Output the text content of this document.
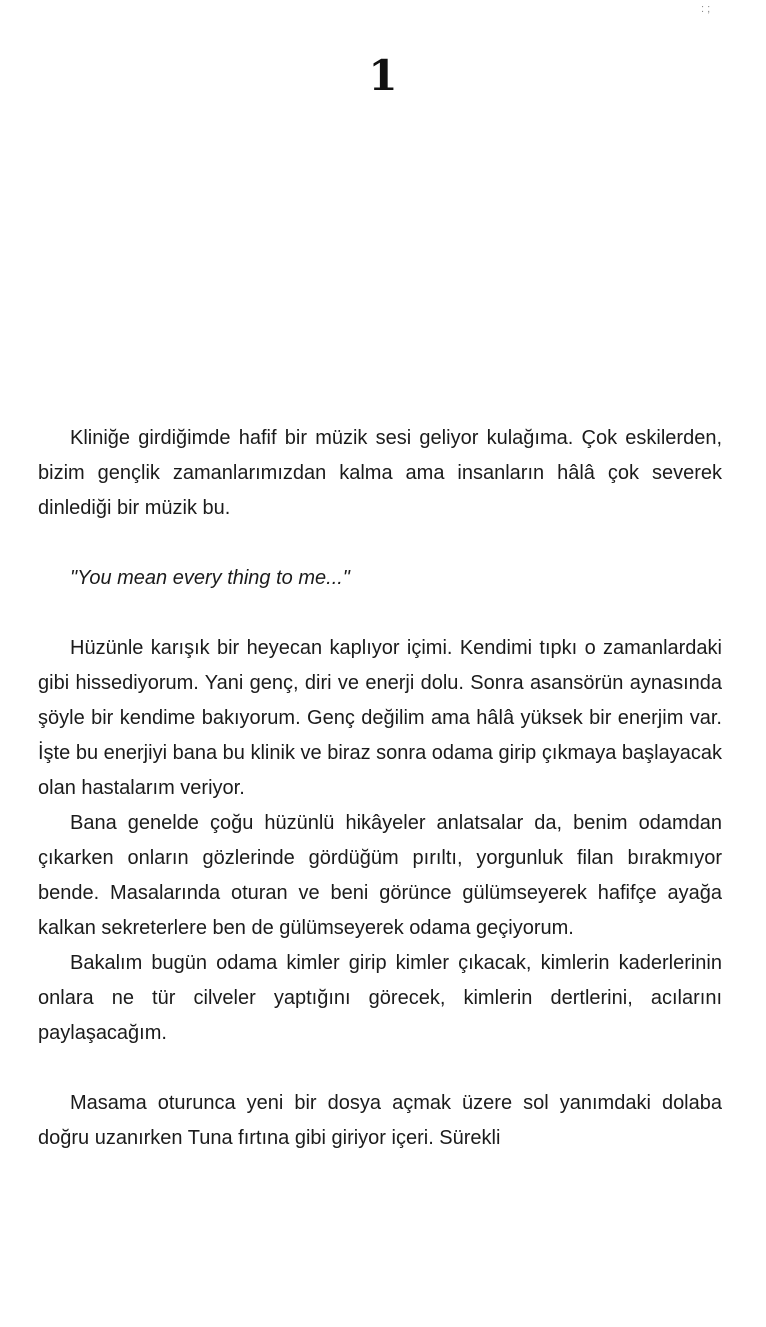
: ;

1

Kliniğe girdiğimde hafif bir müzik sesi geliyor kulağıma. Çok eskilerden, bizim gençlik zamanlarımızdan kalma ama insanların hâlâ çok severek dinlediği bir müzik bu.

"You mean every thing to me..."

Hüzünle karışık bir heyecan kaplıyor içimi. Kendimi tıpkı o zamanlardaki gibi hissediyorum. Yani genç, diri ve enerji dolu. Sonra asansörün aynasında şöyle bir kendime bakıyorum. Genç değilim ama hâlâ yüksek bir enerjim var. İşte bu enerjiyi bana bu klinik ve biraz sonra odama girip çıkmaya başlayacak olan hastalarım veriyor.

Bana genelde çoğu hüzünlü hikâyeler anlatsalar da, benim odamdan çıkarken onların gözlerinde gördüğüm pırıltı, yorgunluk filan bırakmıyor bende. Masalarında oturan ve beni görünce gülümseyerek hafifçe ayağa kalkan sekreterlere ben de gülümseyerek odama geçiyorum.

Bakalım bugün odama kimler girip kimler çıkacak, kimlerin kaderlerinin onlara ne tür cilveler yaptığını görecek, kimlerin dertlerini, acılarını paylaşacağım.

Masama oturunca yeni bir dosya açmak üzere sol yanımdaki dolaba doğru uzanırken Tuna fırtına gibi giriyor içeri. Sürekli
